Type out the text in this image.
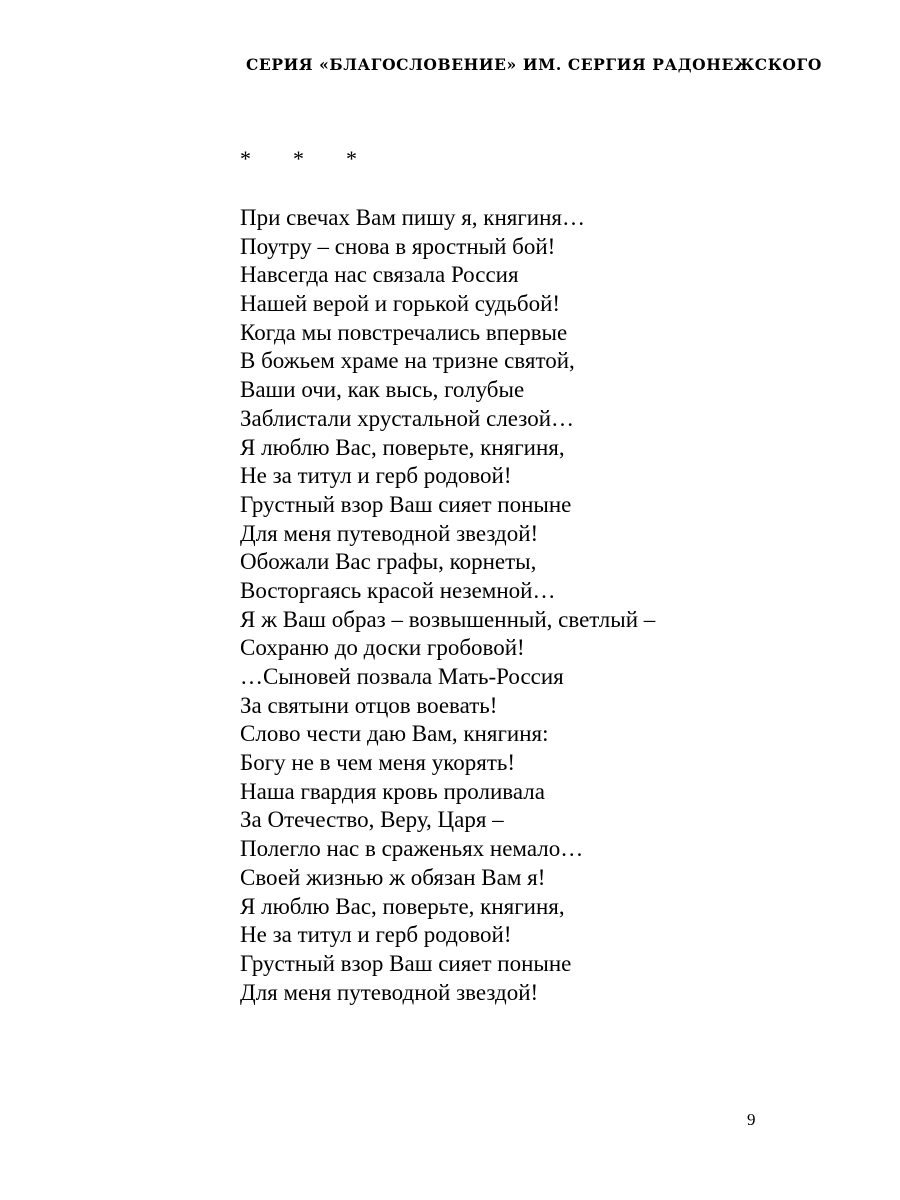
СЕРИЯ «БЛАГОСЛОВЕНИЕ» ИМ. СЕРГИЯ РАДОНЕЖСКОГО
* * *
При свечах Вам пишу я, княгиня…
Поутру – снова в яростный бой!
Навсегда нас связала Россия
Нашей верой и горькой судьбой!
Когда мы повстречались впервые
В божьем храме на тризне святой,
Ваши очи, как высь, голубые
Заблистали хрустальной слезой…
Я люблю Вас, поверьте, княгиня,
Не за титул и герб родовой!
Грустный взор Ваш сияет поныне
Для меня путеводной звездой!
Обожали Вас графы, корнеты,
Восторгаясь красой неземной…
Я ж Ваш образ – возвышенный, светлый –
Сохраню до доски гробовой!
…Сыновей позвала Мать-Россия
За святыни отцов воевать!
Слово чести даю Вам, княгиня:
Богу не в чем меня укорять!
Наша гвардия кровь проливала
За Отечество, Веру, Царя –
Полегло нас в сраженьях немало…
Своей жизнью ж обязан Вам я!
Я люблю Вас, поверьте, княгиня,
Не за титул и герб родовой!
Грустный взор Ваш сияет поныне
Для меня путеводной звездой!
9
